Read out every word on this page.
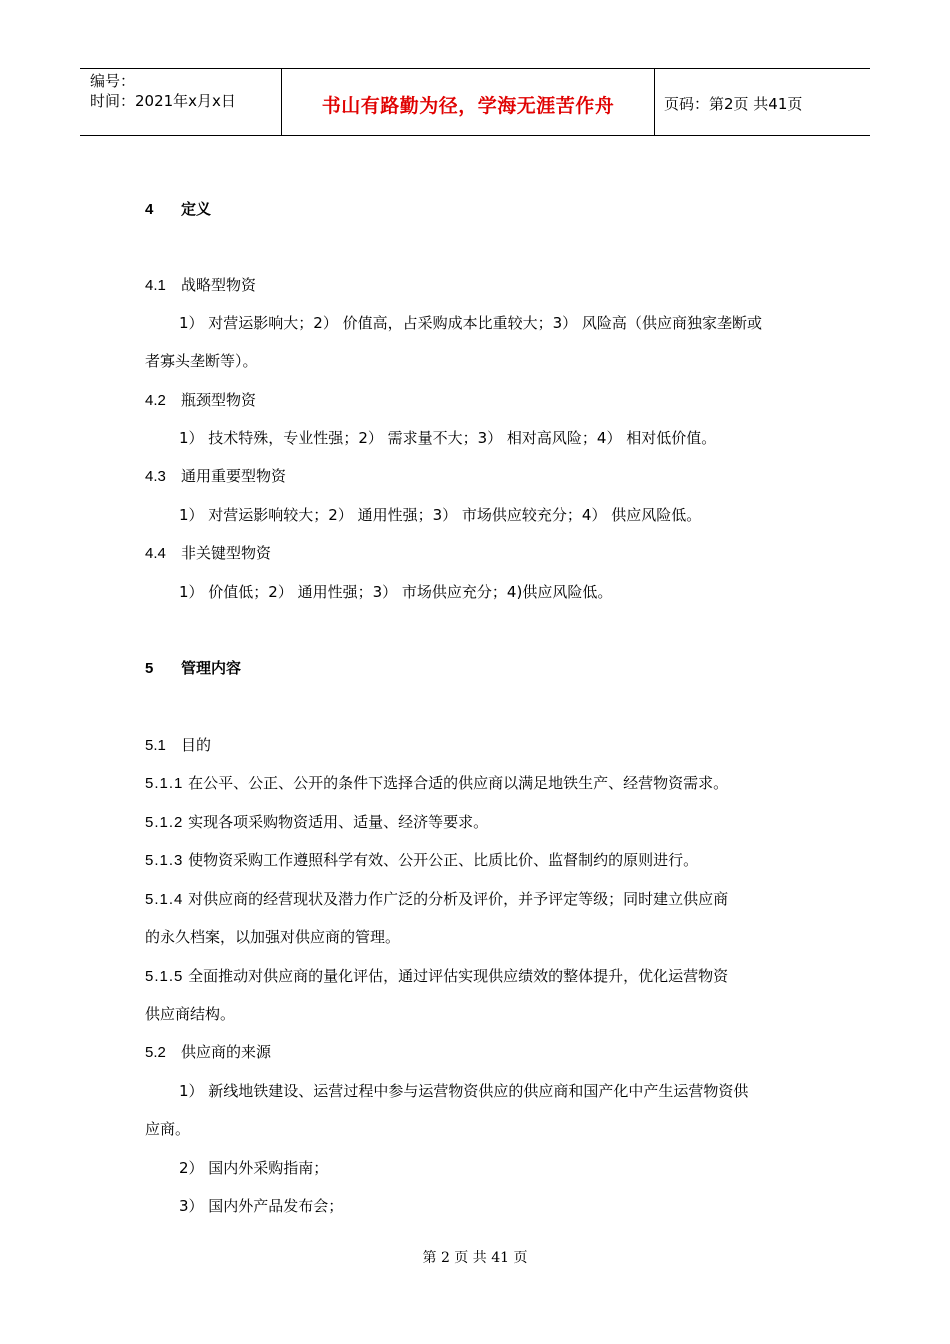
编号：
时间：2021年x月x日	书山有路勤为径，学海无涯苦作舟	页码：第2页 共41页
4 定义
4.1 战略型物资
1） 对营运影响大；2） 价值高，占采购成本比重较大；3） 风险高（供应商独家垄断或
者寡头垄断等）。
4.2 瓶颈型物资
1） 技术特殊，专业性强；2） 需求量不大；3） 相对高风险；4） 相对低价值。
4.3 通用重要型物资
1） 对营运影响较大；2） 通用性强；3） 市场供应较充分；4） 供应风险低。
4.4 非关键型物资
1） 价值低；2） 通用性强；3） 市场供应充分；4)供应风险低。
5 管理内容
5.1 目的
5.1.1 在公平、公正、公开的条件下选择合适的供应商以满足地铁生产、经营物资需求。
5.1.2 实现各项采购物资适用、适量、经济等要求。
5.1.3 使物资采购工作遵照科学有效、公开公正、比质比价、监督制约的原则进行。
5.1.4 对供应商的经营现状及潜力作广泛的分析及评价，并予评定等级；同时建立供应商
的永久档案，以加强对供应商的管理。
5.1.5 全面推动对供应商的量化评估，通过评估实现供应绩效的整体提升，优化运营物资
供应商结构。
5.2 供应商的来源
1） 新线地铁建设、运营过程中参与运营物资供应的供应商和国产化中产生运营物资供
应商。
2） 国内外采购指南；
3） 国内外产品发布会；
第 2 页 共 41 页
